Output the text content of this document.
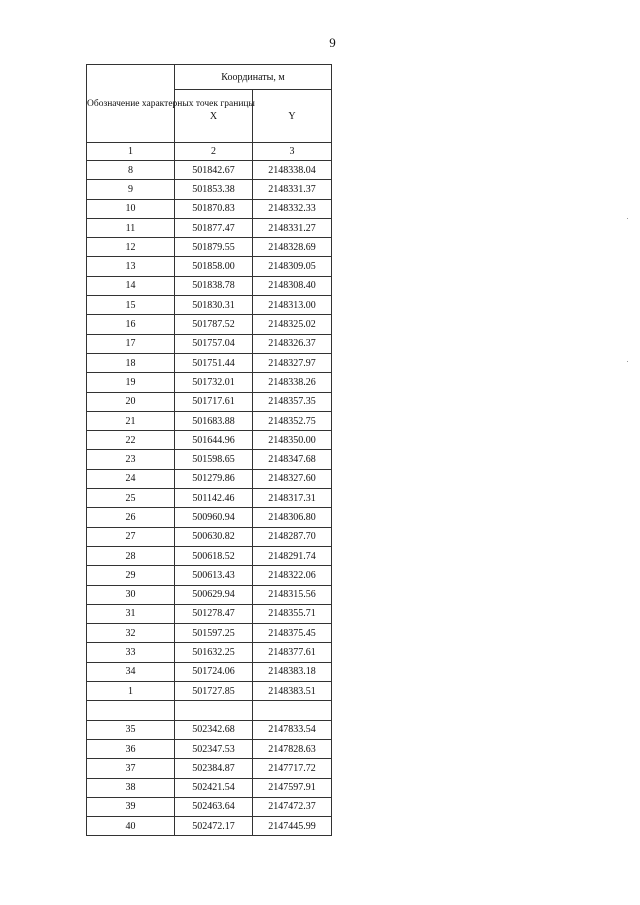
9
Обозначение характерных точек границы	Координаты, м	
	X	Y
1	2	3
8	501842.67	2148338.04
9	501853.38	2148331.37
10	501870.83	2148332.33
11	501877.47	2148331.27
12	501879.55	2148328.69
13	501858.00	2148309.05
14	501838.78	2148308.40
15	501830.31	2148313.00
16	501787.52	2148325.02
17	501757.04	2148326.37
18	501751.44	2148327.97
19	501732.01	2148338.26
20	501717.61	2148357.35
21	501683.88	2148352.75
22	501644.96	2148350.00
23	501598.65	2148347.68
24	501279.86	2148327.60
25	501142.46	2148317.31
26	500960.94	2148306.80
27	500630.82	2148287.70
28	500618.52	2148291.74
29	500613.43	2148322.06
30	500629.94	2148315.56
31	501278.47	2148355.71
32	501597.25	2148375.45
33	501632.25	2148377.61
34	501724.06	2148383.18
1	501727.85	2148383.51

35	502342.68	2147833.54
36	502347.53	2147828.63
37	502384.87	2147717.72
38	502421.54	2147597.91
39	502463.64	2147472.37
40	502472.17	2147445.99
